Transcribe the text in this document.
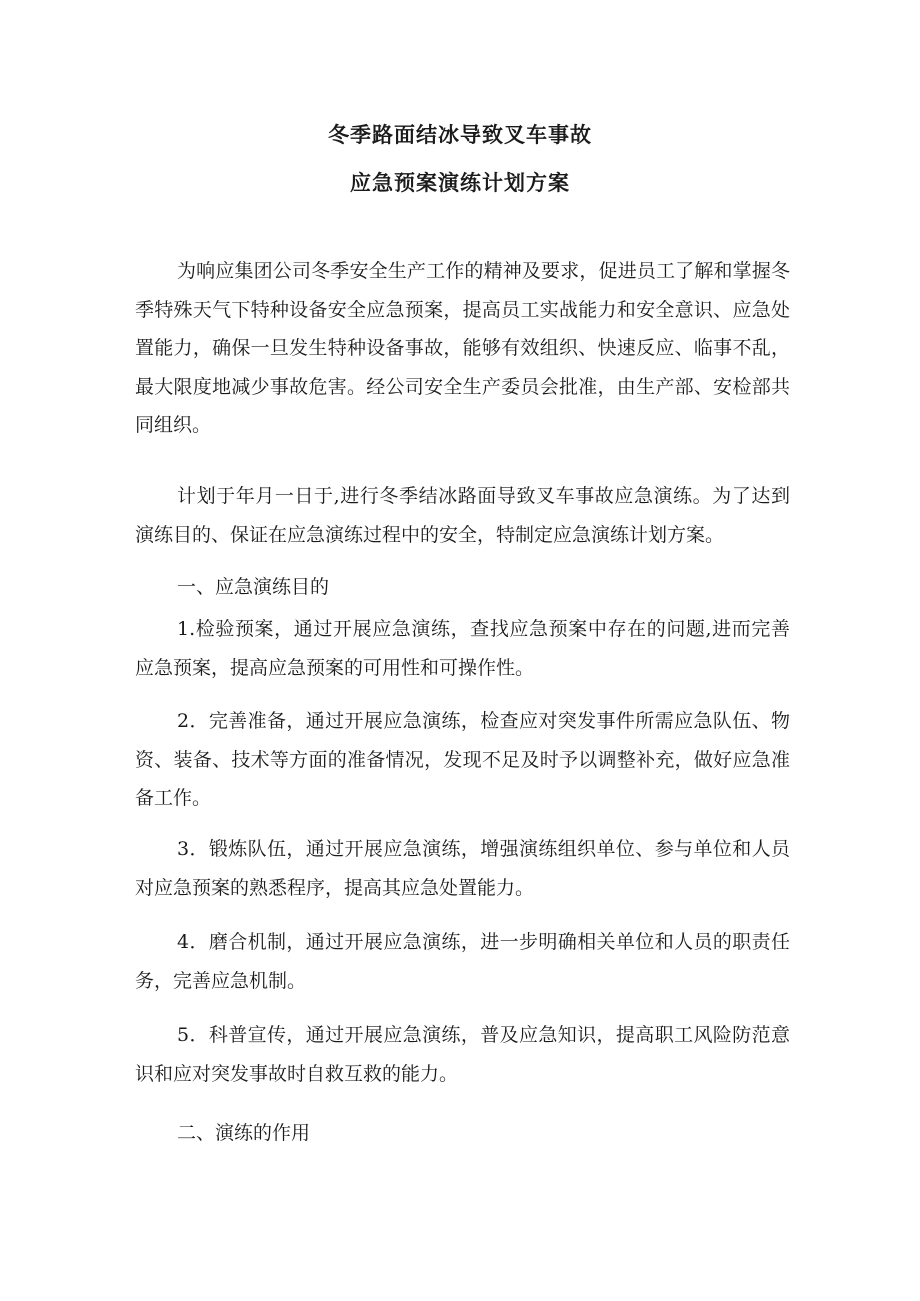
冬季路面结冰导致叉车事故
应急预案演练计划方案

为响应集团公司冬季安全生产工作的精神及要求，促进员工了解和掌握冬季特殊天气下特种设备安全应急预案，提高员工实战能力和安全意识、应急处置能力，确保一旦发生特种设备事故，能够有效组织、快速反应、临事不乱，最大限度地减少事故危害。经公司安全生产委员会批准，由生产部、安检部共同组织。

计划于年月一日于,进行冬季结冰路面导致叉车事故应急演练。为了达到演练目的、保证在应急演练过程中的安全，特制定应急演练计划方案。

一、应急演练目的

1.检验预案，通过开展应急演练，查找应急预案中存在的问题,进而完善应急预案，提高应急预案的可用性和可操作性。

2．完善准备，通过开展应急演练，检查应对突发事件所需应急队伍、物资、装备、技术等方面的准备情况，发现不足及时予以调整补充，做好应急准备工作。

3．锻炼队伍，通过开展应急演练，增强演练组织单位、参与单位和人员对应急预案的熟悉程序，提高其应急处置能力。

4．磨合机制，通过开展应急演练，进一步明确相关单位和人员的职责任务，完善应急机制。

5．科普宣传，通过开展应急演练，普及应急知识，提高职工风险防范意识和应对突发事故时自救互救的能力。

二、演练的作用
